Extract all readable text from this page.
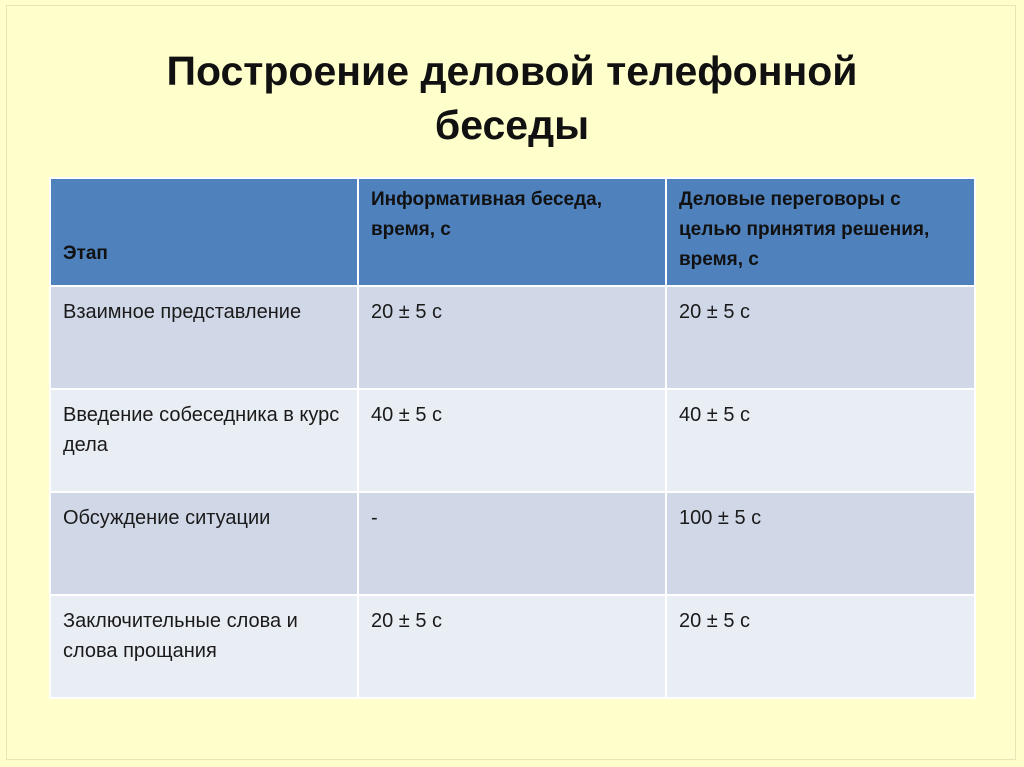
Построение деловой телефонной
беседы
Этап	Информативная беседа, время, с	Деловые переговоры с целью принятия решения, время, с
Взаимное представление	20 ± 5 с	20 ± 5 с
Введение собеседника в курс дела	40 ± 5 с	40 ± 5 с
Обсуждение ситуации	-	100 ± 5 с
Заключительные слова и слова прощания	20 ± 5 с	20 ± 5 с
